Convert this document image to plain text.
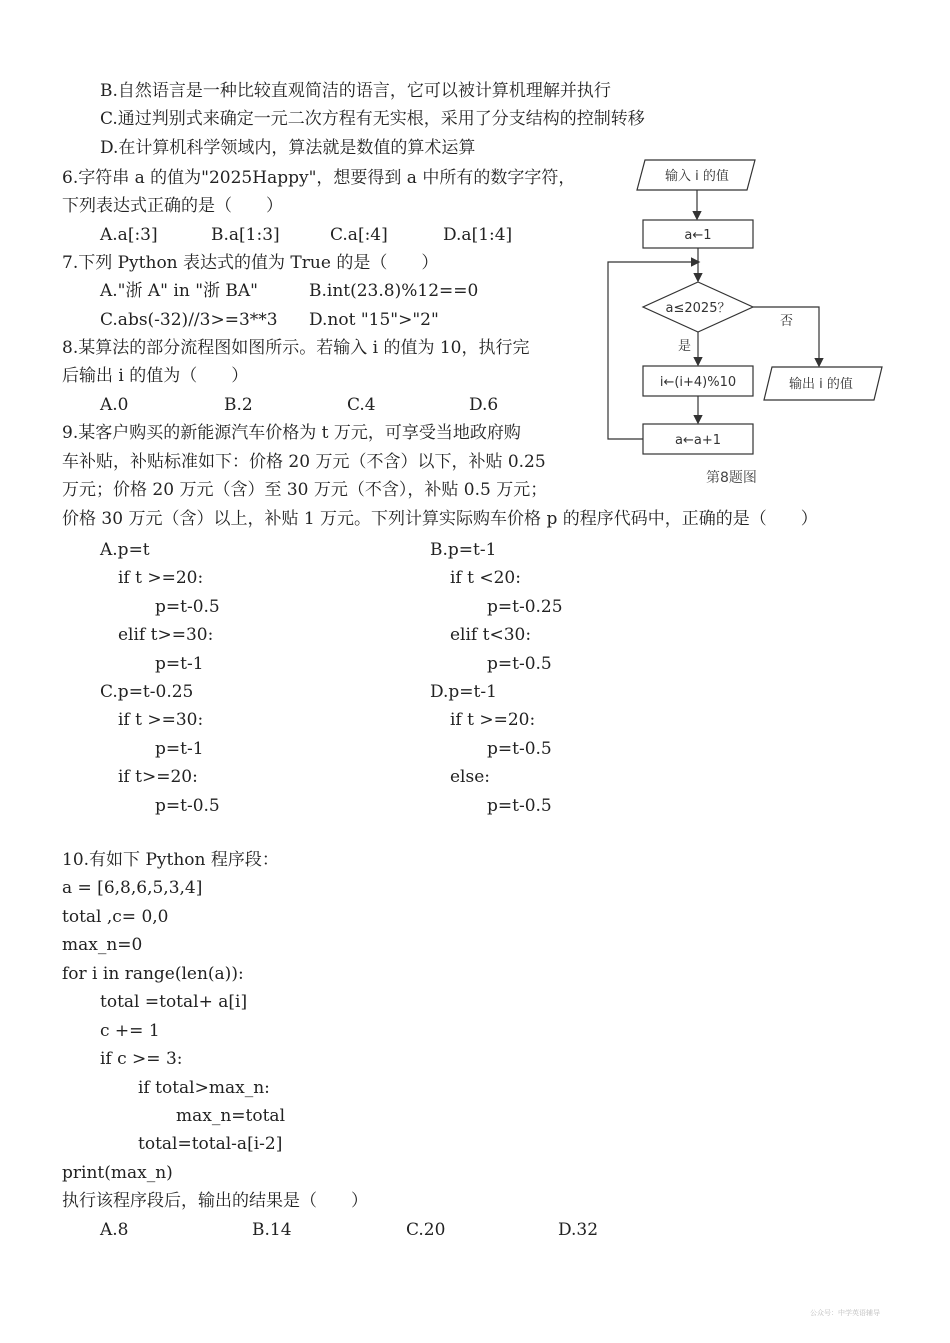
B.自然语言是一种比较直观简洁的语言，它可以被计算机理解并执行
C.通过判别式来确定一元二次方程有无实根，采用了分支结构的控制转移
D.在计算机科学领域内，算法就是数值的算术运算
6.字符串 a 的值为"2025Happy"，想要得到 a 中所有的数字字符，
下列表达式正确的是（　　）
A.a[:3]	B.a[1:3]	C.a[:4]	D.a[1:4]
7.下列 Python 表达式的值为 True 的是（　　）
A."浙 A" in "浙 BA"	B.int(23.8)%12==0
C.abs(-32)//3>=3**3 D.not "15">"2"
8.某算法的部分流程图如图所示。若输入 i 的值为 10，执行完
后输出 i 的值为（　　）
A.0	B.2	C.4	D.6
输入 i 的值
a←1
a≤2025？
否
输出 i 的值
是
i←(i+4)%10
a←a+1
第8题图
9.某客户购买的新能源汽车价格为 t 万元，可享受当地政府购
车补贴，补贴标准如下：价格 20 万元（不含）以下，补贴 0.25
万元；价格 20 万元（含）至 30 万元（不含），补贴 0.5 万元；
价格 30 万元（含）以上，补贴 1 万元。下列计算实际购车价格 p 的程序代码中，正确的是（　　）
A.p=t
if t >=20:
p=t-0.5
elif t>=30:
p=t-1
B.p=t-1
if t <20:
p=t-0.25
elif t<30:
p=t-0.5
C.p=t-0.25
if t >=30:
p=t-1
if t>=20:
p=t-0.5
D.p=t-1
if t >=20:
p=t-0.5
else:
p=t-0.5
10.有如下 Python 程序段：
a = [6,8,6,5,3,4]
total ,c= 0,0
max_n=0
for i in range(len(a)):
total =total+ a[i]
c += 1
if c >= 3:
if total>max_n:
max_n=total
total=total-a[i-2]
print(max_n)
执行该程序段后，输出的结果是（　　）
A.8	B.14	C.20	D.32
公众号：中学英语辅导
